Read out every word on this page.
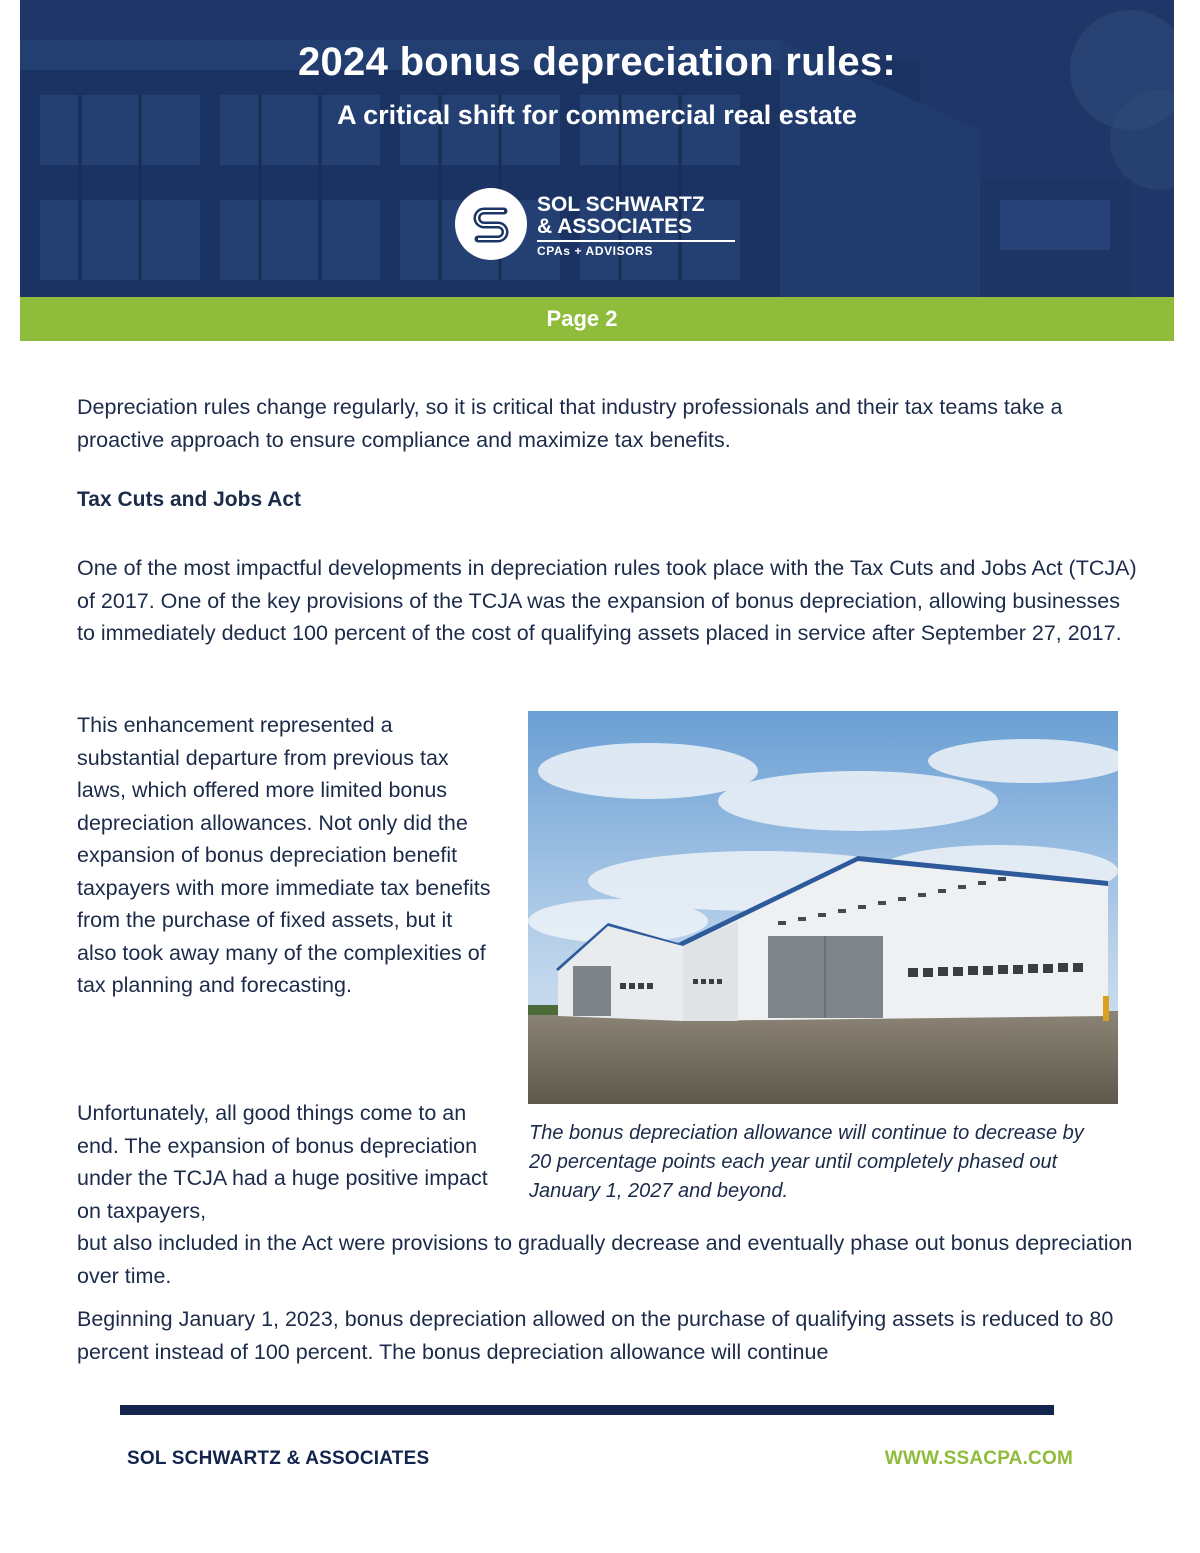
2024 bonus depreciation rules:
A critical shift for commercial real estate
SOL SCHWARTZ
& ASSOCIATES
CPAs + ADVISORS
Page 2

Depreciation rules change regularly, so it is critical that industry professionals and their tax teams take a proactive approach to ensure compliance and maximize tax benefits.

Tax Cuts and Jobs Act

One of the most impactful developments in depreciation rules took place with the Tax Cuts and Jobs Act (TCJA) of 2017. One of the key provisions of the TCJA was the expansion of bonus depreciation, allowing businesses to immediately deduct 100 percent of the cost of qualifying assets placed in service after September 27, 2017.

This enhancement represented a substantial departure from previous tax laws, which offered more limited bonus depreciation allowances. Not only did the expansion of bonus depreciation benefit taxpayers with more immediate tax benefits from the purchase of fixed assets, but it also took away many of the complexities of tax planning and forecasting.

Unfortunately, all good things come to an end. The expansion of bonus depreciation under the TCJA had a huge positive impact on taxpayers,

but also included in the Act were provisions to gradually decrease and eventually phase out bonus depreciation over time.

Beginning January 1, 2023, bonus depreciation allowed on the purchase of qualifying assets is reduced to 80 percent instead of 100 percent. The bonus depreciation allowance will continue

The bonus depreciation allowance will continue to decrease by 20 percentage points each year until completely phased out January 1, 2027 and beyond.

SOL SCHWARTZ & ASSOCIATES	WWW.SSACPA.COM
